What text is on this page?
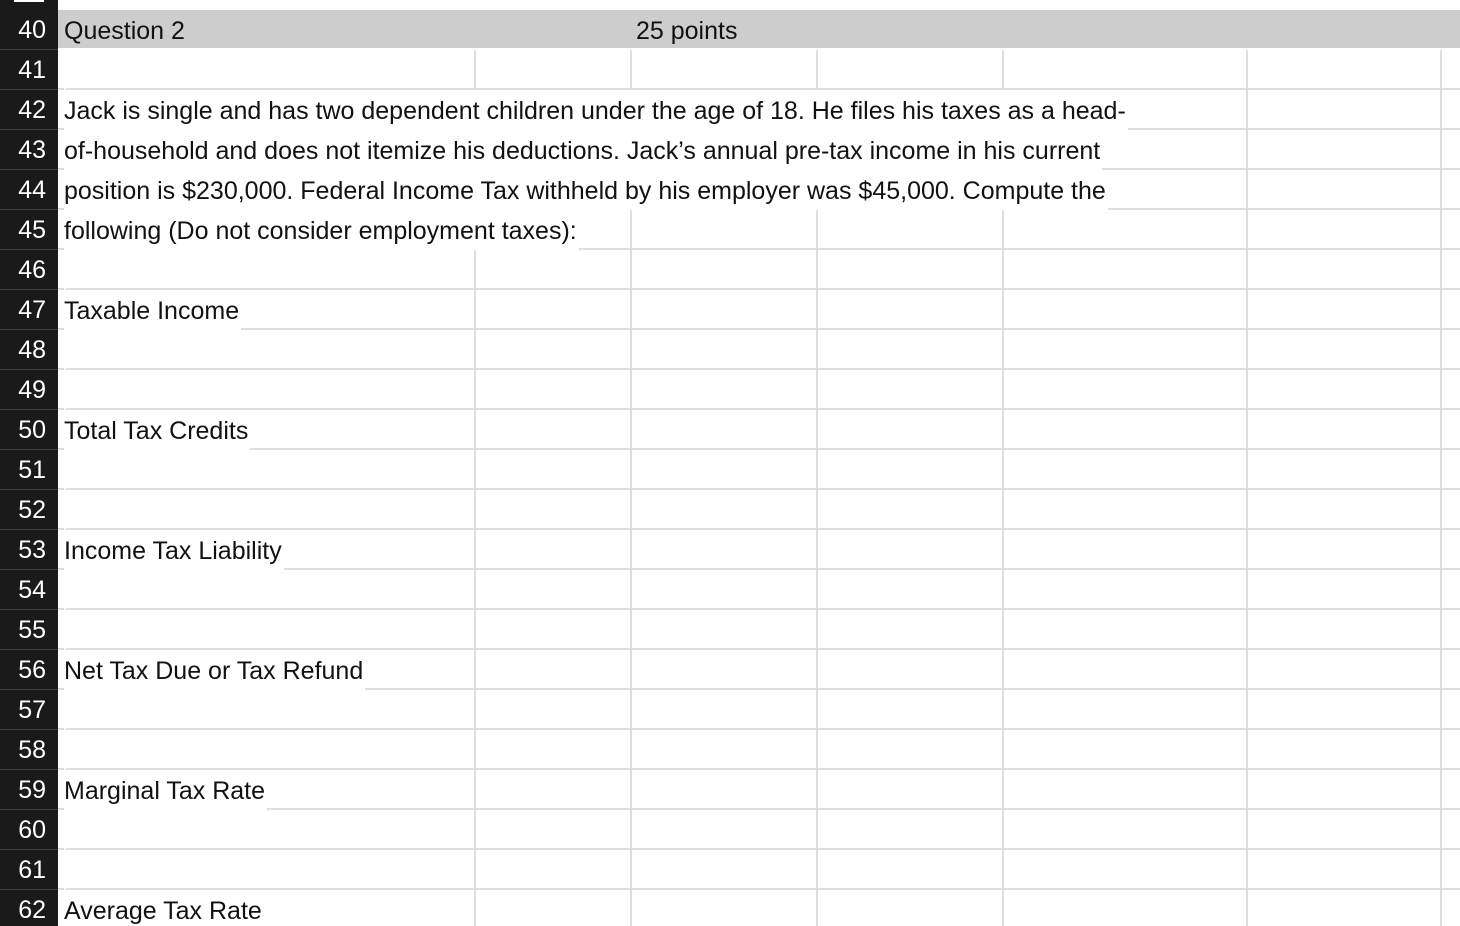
40 Question 2	25 points
41
42 Jack is single and has two dependent children under the age of 18. He files his taxes as a head-
43 of-household and does not itemize his deductions. Jack’s annual pre-tax income in his current
44 position is $230,000. Federal Income Tax withheld by his employer was $45,000. Compute the
45 following (Do not consider employment taxes):
46
47 Taxable Income
48
49
50 Total Tax Credits
51
52
53 Income Tax Liability
54
55
56 Net Tax Due or Tax Refund
57
58
59 Marginal Tax Rate
60
61
62 Average Tax Rate
